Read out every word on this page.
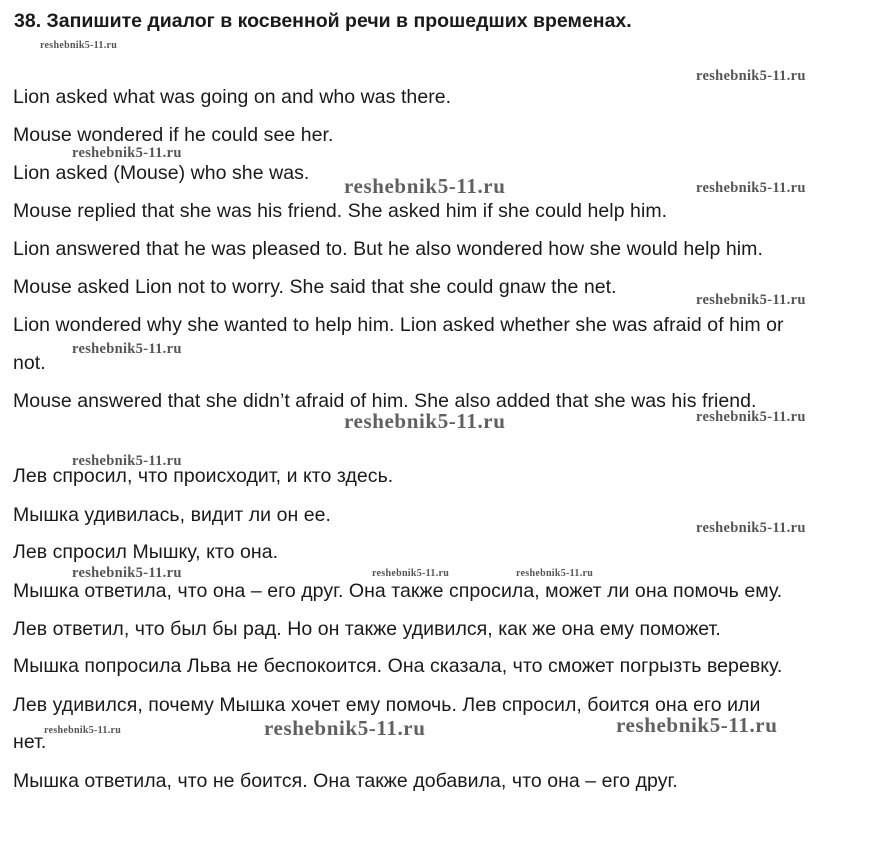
38. Запишите диалог в косвенной речи в прошедших временах.
Lion asked what was going on and who was there.
Mouse wondered if he could see her.
Lion asked (Mouse) who she was.
Mouse replied that she was his friend. She asked him if she could help him.
Lion answered that he was pleased to. But he also wondered how she would help him.
Mouse asked Lion not to worry. She said that she could gnaw the net.
Lion wondered why she wanted to help him. Lion asked whether she was afraid of him or
not.
Mouse answered that she didn’t afraid of him. She also added that she was his friend.
Лев спросил, что происходит, и кто здесь.
Мышка удивилась, видит ли он ее.
Лев спросил Мышку, кто она.
Мышка ответила, что она – его друг. Она также спросила, может ли она помочь ему.
Лев ответил, что был бы рад. Но он также удивился, как же она ему поможет.
Мышка попросила Льва не беспокоится. Она сказала, что сможет погрызть веревку.
Лев удивился, почему Мышка хочет ему помочь. Лев спросил, боится она его или
нет.
Мышка ответила, что не боится. Она также добавила, что она – его друг.
reshebnik5-11.ru
reshebnik5-11.ru
reshebnik5-11.ru
reshebnik5-11.ru	reshebnik5-11.ru
reshebnik5-11.ru
reshebnik5-11.ru
reshebnik5-11.ru	reshebnik5-11.ru
reshebnik5-11.ru
reshebnik5-11.ru
reshebnik5-11.ru	reshebnik5-11.ru	reshebnik5-11.ru
reshebnik5-11.ru	reshebnik5-11.ru	reshebnik5-11.ru
